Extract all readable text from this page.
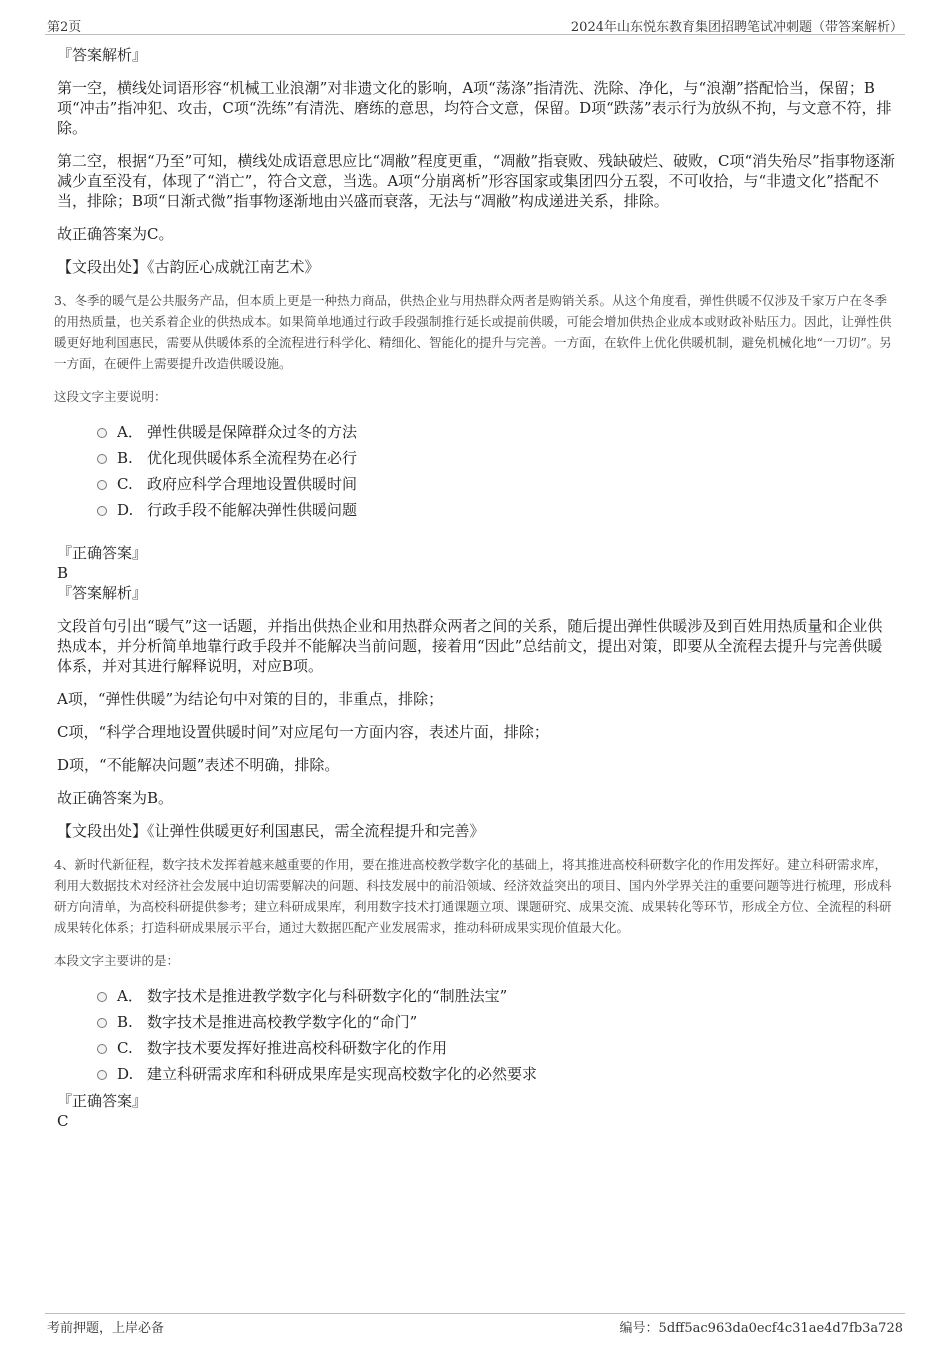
第2页	2024年山东悦东教育集团招聘笔试冲刺题（带答案解析）

『答案解析』

第一空，横线处词语形容“机械工业浪潮”对非遗文化的影响，A项“荡涤”指清洗、洗除、净化，与“浪潮”搭配恰当，保留；B项“冲击”指冲犯、攻击，C项“洗练”有清洗、磨练的意思，均符合文意，保留。D项“跌荡”表示行为放纵不拘，与文意不符，排除。

第二空，根据“乃至”可知，横线处成语意思应比“凋敝”程度更重，“凋敝”指衰败、残缺破烂、破败，C项“消失殆尽”指事物逐渐减少直至没有，体现了“消亡”，符合文意，当选。A项“分崩离析”形容国家或集团四分五裂，不可收拾，与“非遗文化”搭配不当，排除；B项“日渐式微”指事物逐渐地由兴盛而衰落，无法与“凋敝”构成递进关系，排除。

故正确答案为C。

【文段出处】《古韵匠心成就江南艺术》

3、冬季的暖气是公共服务产品，但本质上更是一种热力商品，供热企业与用热群众两者是购销关系。从这个角度看，弹性供暖不仅涉及千家万户在冬季的用热质量，也关系着企业的供热成本。如果简单地通过行政手段强制推行延长或提前供暖，可能会增加供热企业成本或财政补贴压力。因此，让弹性供暖更好地利国惠民，需要从供暖体系的全流程进行科学化、精细化、智能化的提升与完善。一方面，在软件上优化供暖机制，避免机械化地“一刀切”。另一方面，在硬件上需要提升改造供暖设施。

这段文字主要说明：

A． 弹性供暖是保障群众过冬的方法
B. 优化现供暖体系全流程势在必行
C. 政府应科学合理地设置供暖时间
D. 行政手段不能解决弹性供暖问题

『正确答案』

B

『答案解析』

文段首句引出“暖气”这一话题，并指出供热企业和用热群众两者之间的关系，随后提出弹性供暖涉及到百姓用热质量和企业供热成本，并分析简单地靠行政手段并不能解决当前问题，接着用“因此”总结前文，提出对策，即要从全流程去提升与完善供暖体系，并对其进行解释说明，对应B项。

A项，“弹性供暖”为结论句中对策的目的，非重点，排除；

C项，“科学合理地设置供暖时间”对应尾句一方面内容，表述片面，排除；

D项，“不能解决问题”表述不明确，排除。

故正确答案为B。

【文段出处】《让弹性供暖更好利国惠民，需全流程提升和完善》

4、新时代新征程，数字技术发挥着越来越重要的作用，要在推进高校教学数字化的基础上，将其推进高校科研数字化的作用发挥好。建立科研需求库，利用大数据技术对经济社会发展中迫切需要解决的问题、科技发展中的前沿领域、经济效益突出的项目、国内外学界关注的重要问题等进行梳理，形成科研方向清单，为高校科研提供参考；建立科研成果库，利用数字技术打通课题立项、课题研究、成果交流、成果转化等环节，形成全方位、全流程的科研成果转化体系；打造科研成果展示平台，通过大数据匹配产业发展需求，推动科研成果实现价值最大化。

本段文字主要讲的是：

A． 数字技术是推进教学数字化与科研数字化的“制胜法宝”
B. 数字技术是推进高校教学数字化的“命门”
C. 数字技术要发挥好推进高校科研数字化的作用
D. 建立科研需求库和科研成果库是实现高校数字化的必然要求

『正确答案』

C

考前押题，上岸必备	编号：5dff5ac963da0ecf4c31ae4d7fb3a728
